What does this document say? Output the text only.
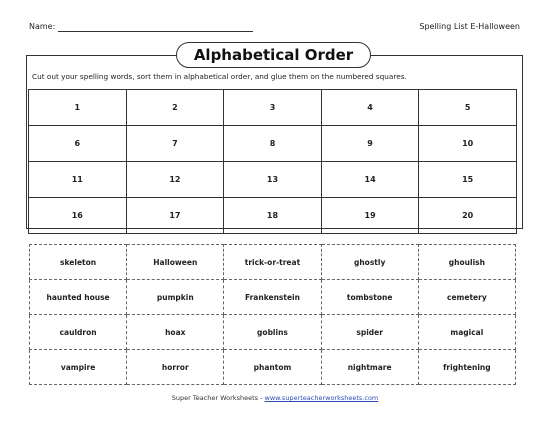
Name:	Spelling List E-Halloween
Alphabetical Order
Cut out your spelling words, sort them in alphabetical order, and glue them on the numbered squares.
1	2	3	4	5
6	7	8	9	10
11	12	13	14	15
16	17	18	19	20
skeleton	Halloween	trick-or-treat	ghostly	ghoulish
haunted house	pumpkin	Frankenstein	tombstone	cemetery
cauldron	hoax	goblins	spider	magical
vampire	horror	phantom	nightmare	frightening
Super Teacher Worksheets - www.superteacherworksheets.com
